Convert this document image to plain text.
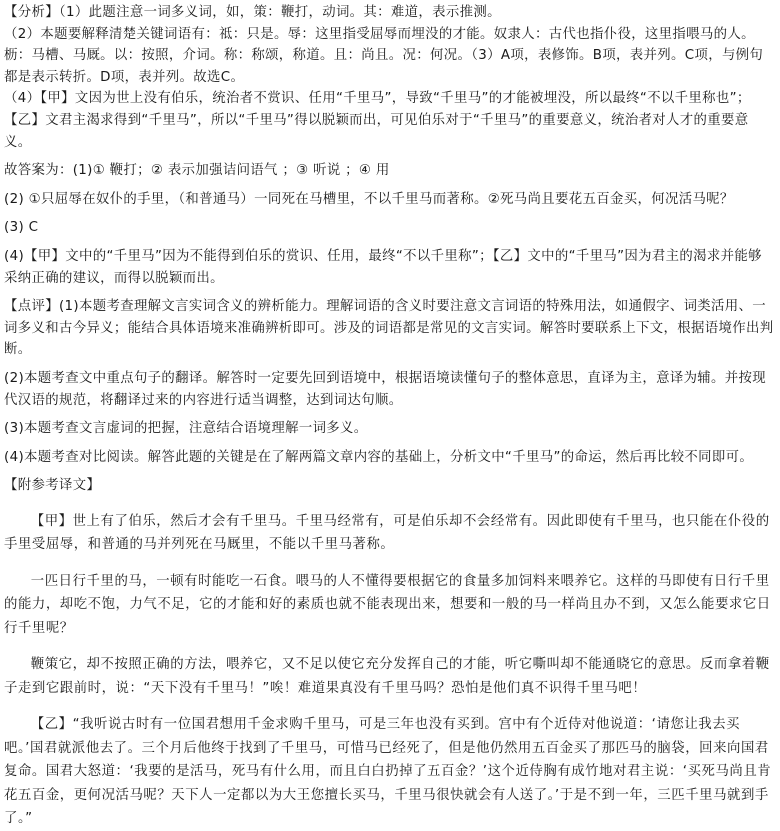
【分析】（1）此题注意一词多义词，如，策：鞭打，动词。其：难道，表示推测。

（2）本题要解释清楚关键词语有：祗：只是。辱：这里指受屈辱而埋没的才能。奴隶人：古代也指仆役，这里指喂马的人。枥：马槽、马厩。以：按照，介词。称：称颂，称道。且：尚且。况：何况。（3）A项，表修饰。B项，表并列。C项，与例句都是表示转折。D项，表并列。故选C。

（4）【甲】文因为世上没有伯乐，统治者不赏识、任用“千里马”，导致“千里马”的才能被埋没，所以最终“不以千里称也”；【乙】文君主渴求得到“千里马”，所以“千里马”得以脱颖而出，可见伯乐对于“千里马”的重要意义，统治者对人才的重要意义。

故答案为：(1)① 鞭打；② 表示加强诘问语气 ；③ 听说 ；④ 用

(2) ①只屈辱在奴仆的手里，（和普通马）一同死在马槽里，不以千里马而著称。②死马尚且要花五百金买，何况活马呢？

(3) C

(4)【甲】文中的“千里马”因为不能得到伯乐的赏识、任用，最终“不以千里称”；【乙】文中的“千里马”因为君主的渴求并能够采纳正确的建议，而得以脱颖而出。

【点评】(1)本题考查理解文言实词含义的辨析能力。理解词语的含义时要注意文言词语的特殊用法，如通假字、词类活用、一词多义和古今异义；能结合具体语境来准确辨析即可。涉及的词语都是常见的文言实词。解答时要联系上下文，根据语境作出判断。

(2)本题考查文中重点句子的翻译。解答时一定要先回到语境中，根据语境读懂句子的整体意思，直译为主，意译为辅。并按现代汉语的规范，将翻译过来的内容进行适当调整，达到词达句顺。

(3)本题考查文言虚词的把握，注意结合语境理解一词多义。

(4)本题考查对比阅读。解答此题的关键是在了解两篇文章内容的基础上，分析文中“千里马”的命运，然后再比较不同即可。

【附参考译文】

【甲】世上有了伯乐，然后才会有千里马。千里马经常有，可是伯乐却不会经常有。因此即使有千里马，也只能在仆役的手里受屈辱，和普通的马并列死在马厩里，不能以千里马著称。

一匹日行千里的马，一顿有时能吃一石食。喂马的人不懂得要根据它的食量多加饲料来喂养它。这样的马即使有日行千里的能力，却吃不饱，力气不足，它的才能和好的素质也就不能表现出来，想要和一般的马一样尚且办不到，又怎么能要求它日行千里呢？

鞭策它，却不按照正确的方法，喂养它，又不足以使它充分发挥自己的才能，听它嘶叫却不能通晓它的意思。反而拿着鞭子走到它跟前时，说：“天下没有千里马！”唉！难道果真没有千里马吗？恐怕是他们真不识得千里马吧！

【乙】“我听说古时有一位国君想用千金求购千里马，可是三年也没有买到。宫中有个近侍对他说道：‘请您让我去买吧。’国君就派他去了。三个月后他终于找到了千里马，可惜马已经死了，但是他仍然用五百金买了那匹马的脑袋，回来向国君复命。国君大怒道：‘我要的是活马，死马有什么用，而且白白扔掉了五百金？’这个近侍胸有成竹地对君主说：‘买死马尚且肯花五百金，更何况活马呢？天下人一定都以为大王您擅长买马，千里马很快就会有人送了。’于是不到一年，三匹千里马就到手了。”
